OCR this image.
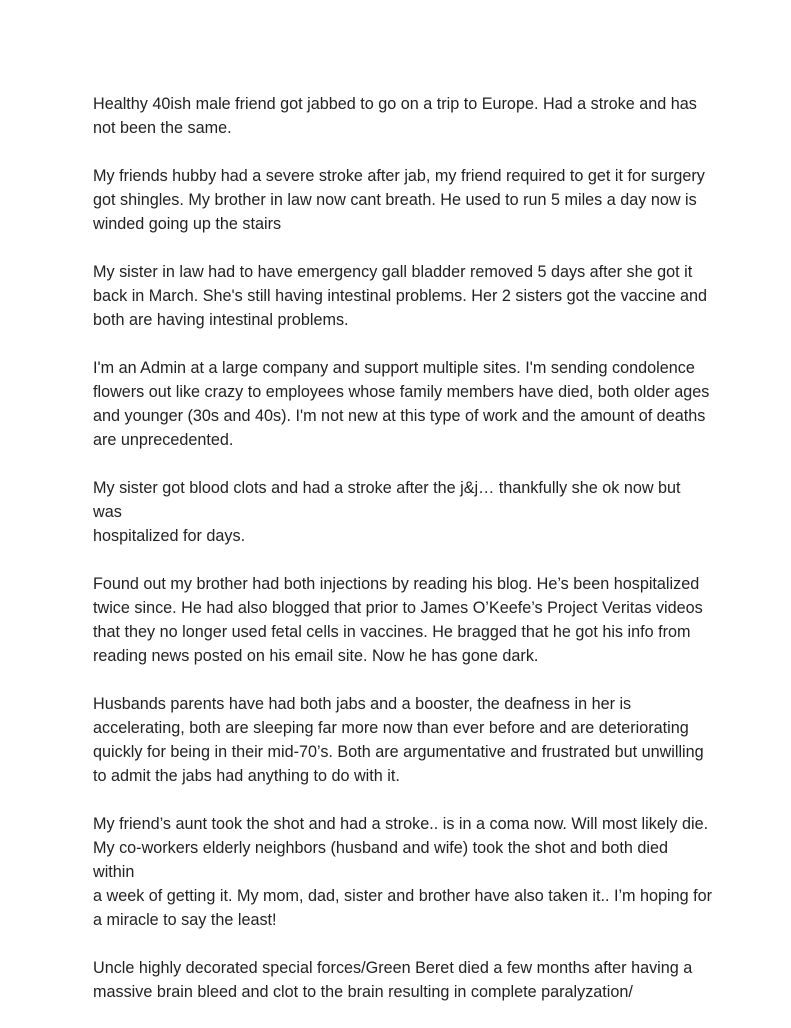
Healthy 40ish male friend got jabbed to go on a trip to Europe. Had a stroke and has
not been the same.

My friends hubby had a severe stroke after jab, my friend required to get it for surgery
got shingles. My brother in law now cant breath. He used to run 5 miles a day now is
winded going up the stairs

My sister in law had to have emergency gall bladder removed 5 days after she got it
back in March. She's still having intestinal problems. Her 2 sisters got the vaccine and
both are having intestinal problems.

I'm an Admin at a large company and support multiple sites. I'm sending condolence
flowers out like crazy to employees whose family members have died, both older ages
and younger (30s and 40s). I'm not new at this type of work and the amount of deaths
are unprecedented.

My sister got blood clots and had a stroke after the j&j… thankfully she ok now but was
hospitalized for days.

Found out my brother had both injections by reading his blog. He’s been hospitalized
twice since. He had also blogged that prior to James O’Keefe’s Project Veritas videos
that they no longer used fetal cells in vaccines. He bragged that he got his info from
reading news posted on his email site. Now he has gone dark.

Husbands parents have had both jabs and a booster, the deafness in her is
accelerating, both are sleeping far more now than ever before and are deteriorating
quickly for being in their mid-70’s. Both are argumentative and frustrated but unwilling
to admit the jabs had anything to do with it.

My friend’s aunt took the shot and had a stroke.. is in a coma now. Will most likely die.
My co-workers elderly neighbors (husband and wife) took the shot and both died within
a week of getting it. My mom, dad, sister and brother have also taken it.. I’m hoping for
a miracle to say the least!

Uncle highly decorated special forces/Green Beret died a few months after having a
massive brain bleed and clot to the brain resulting in complete paralyzation/
